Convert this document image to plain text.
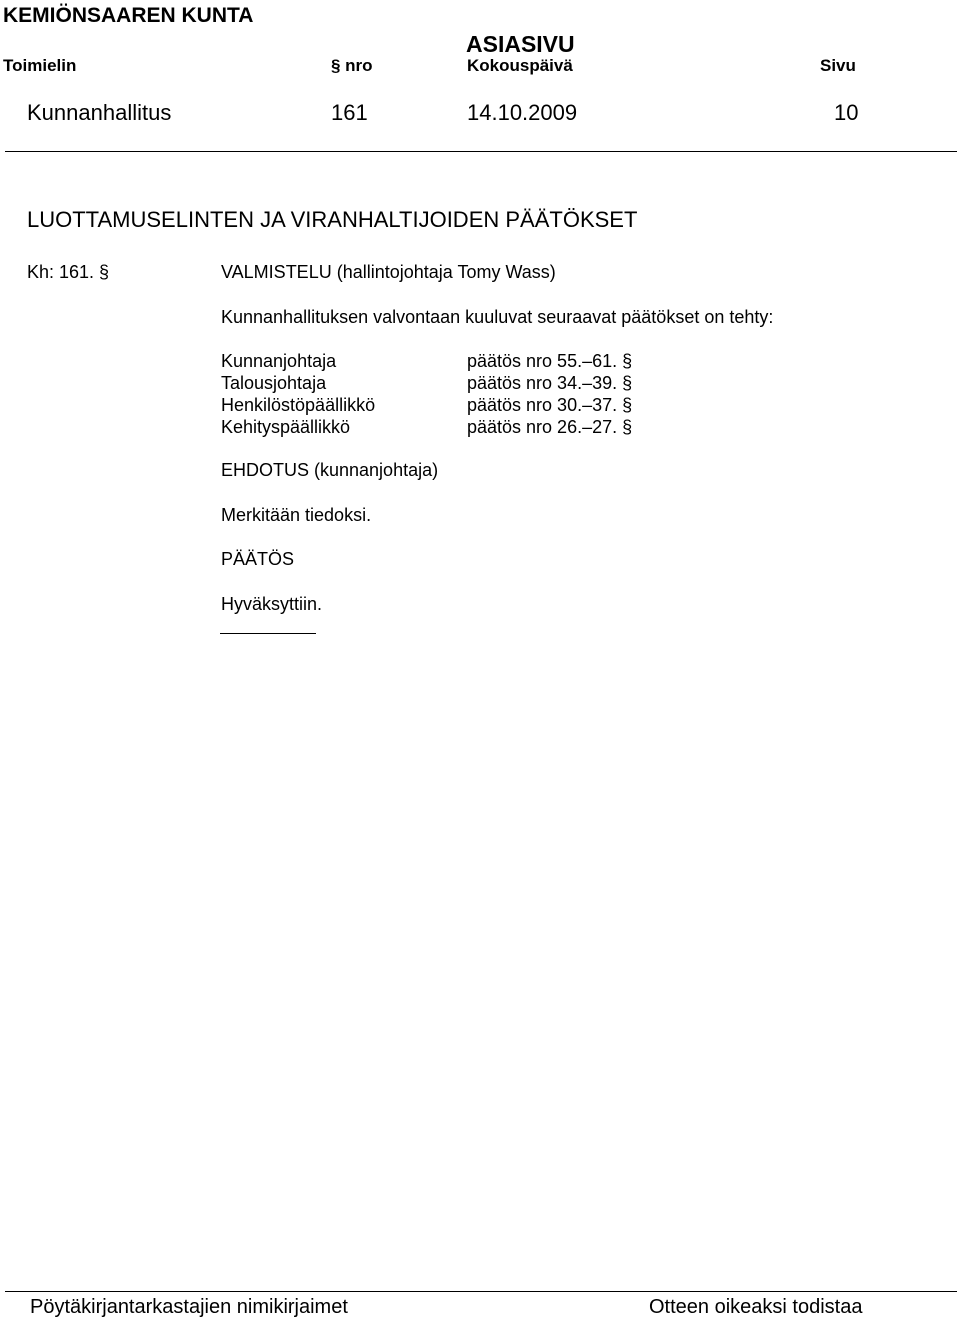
KEMIÖNSAAREN KUNTA
ASIASIVU
Toimielin	§ nro	Kokouspäivä	Sivu
Kunnanhallitus	161	14.10.2009	10
LUOTTAMUSELINTEN JA VIRANHALTIJOIDEN PÄÄTÖKSET
Kh: 161. §	VALMISTELU (hallintojohtaja Tomy Wass)
Kunnanhallituksen valvontaan kuuluvat seuraavat päätökset on tehty:
Kunnanjohtaja	päätös nro 55.–61. §
Talousjohtaja	päätös nro 34.–39. §
Henkilöstöpäällikkö	päätös nro 30.–37. §
Kehityspäällikkö	päätös nro 26.–27. §
EHDOTUS (kunnanjohtaja)
Merkitään tiedoksi.
PÄÄTÖS
Hyväksyttiin.
Pöytäkirjantarkastajien nimikirjaimet	Otteen oikeaksi todistaa
